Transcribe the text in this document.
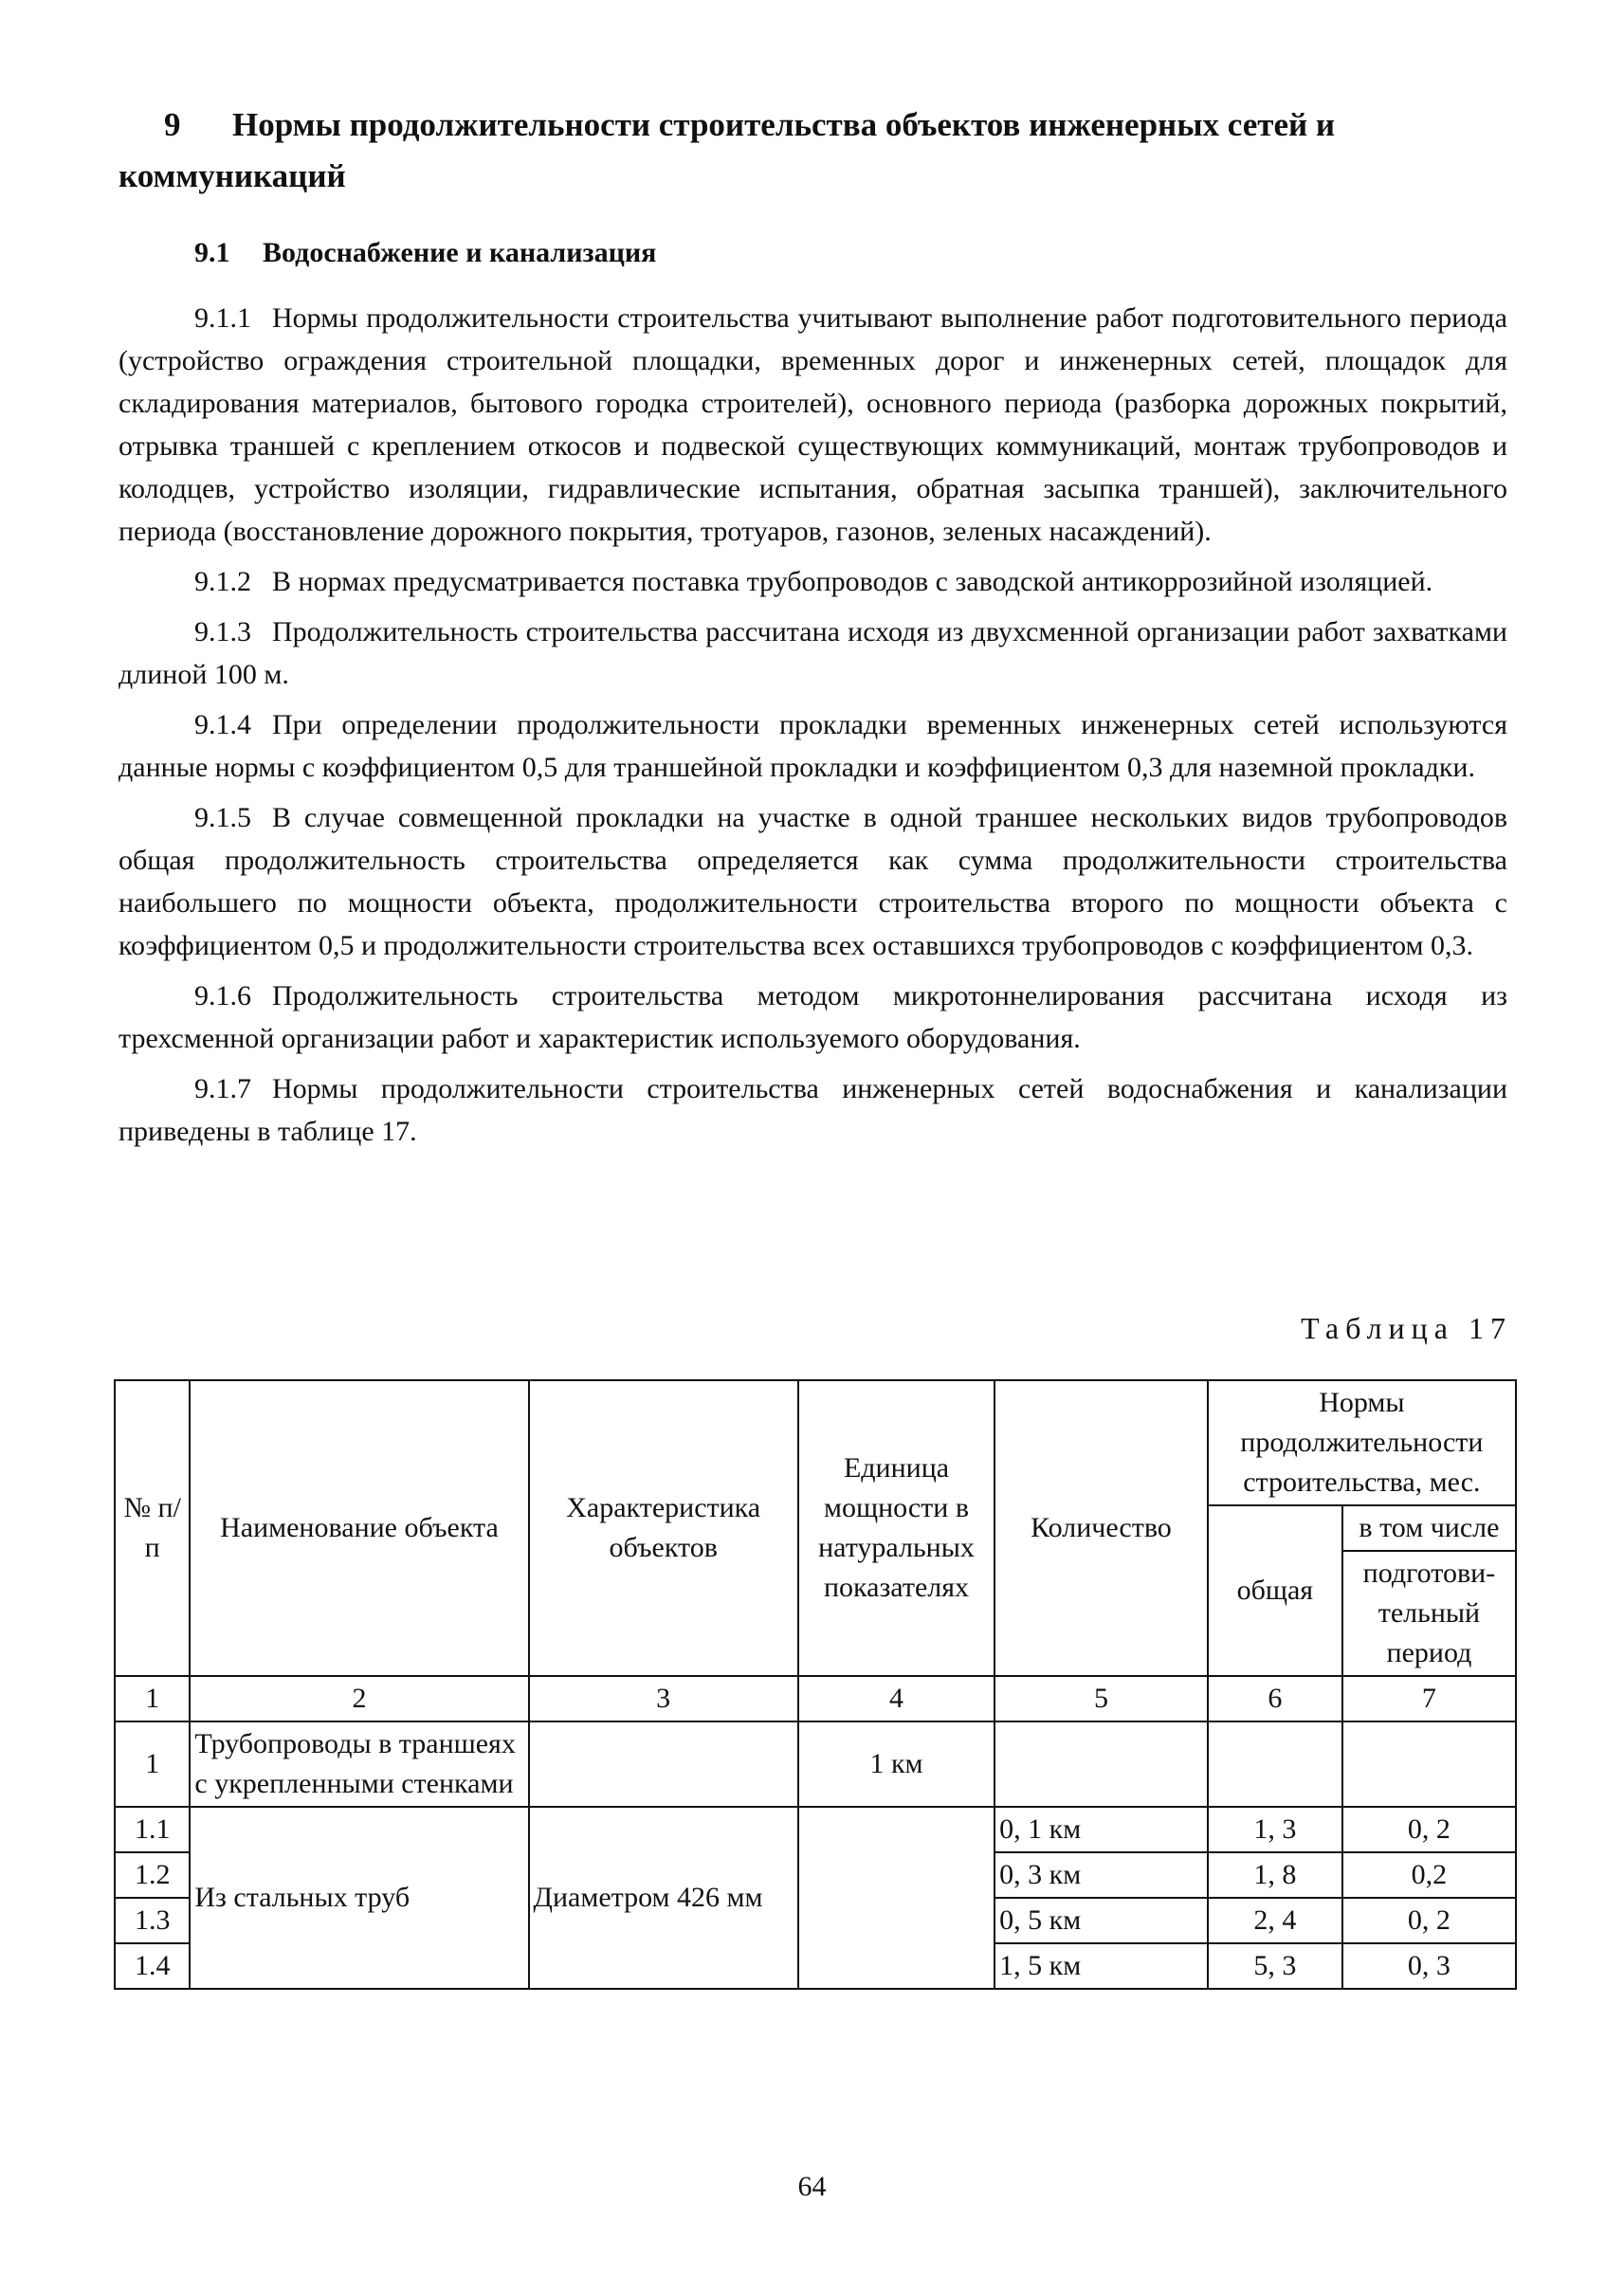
9 Нормы продолжительности строительства объектов инженерных сетей и коммуникаций
9.1 Водоснабжение и канализация

9.1.1 Нормы продолжительности строительства учитывают выполнение работ подготовительного периода (устройство ограждения строительной площадки, временных дорог и инженерных сетей, площадок для складирования материалов, бытового городка строителей), основного периода (разборка дорожных покрытий, отрывка траншей с креплением откосов и подвеской существующих коммуникаций, монтаж трубопроводов и колодцев, устройство изоляции, гидравлические испытания, обратная засыпка траншей), заключительного периода (восстановление дорожного покрытия, тротуаров, газонов, зеленых насаждений).

9.1.2 В нормах предусматривается поставка трубопроводов с заводской антикоррозийной изоляцией.

9.1.3 Продолжительность строительства рассчитана исходя из двухсменной организации работ захватками длиной 100 м.

9.1.4 При определении продолжительности прокладки временных инженерных сетей используются данные нормы с коэффициентом 0,5 для траншейной прокладки и коэффициентом 0,3 для наземной прокладки.

9.1.5 В случае совмещенной прокладки на участке в одной траншее нескольких видов трубопроводов общая продолжительность строительства определяется как сумма продолжительности строительства наибольшего по мощности объекта, продолжительности строительства второго по мощности объекта с коэффициентом 0,5 и продолжительности строительства всех оставшихся трубопроводов с коэффициентом 0,3.

9.1.6 Продолжительность строительства методом микротоннелирования рассчитана исходя из трехсменной организации работ и характеристик используемого оборудования.

9.1.7 Нормы продолжительности строительства инженерных сетей водоснабжения и канализации приведены в таблице 17.

Таблица 17
№ п/п	Наименование объекта	Характеристика объектов	Единица мощности в натуральных показателях	Количество	Нормы продолжительности строительства, мес.	
					общая	в том числе
						подготови-тельный период
1	2	3	4	5	6	7
1	Трубопроводы в траншеях с укрепленными стенками		1 км			
1.1	Из стальных труб	Диаметром 426 мм		0, 1 км	1, 3	0, 2
1.2				0, 3 км	1, 8	0,2
1.3				0, 5 км	2, 4	0, 2
1.4				1, 5 км	5, 3	0, 3
64
